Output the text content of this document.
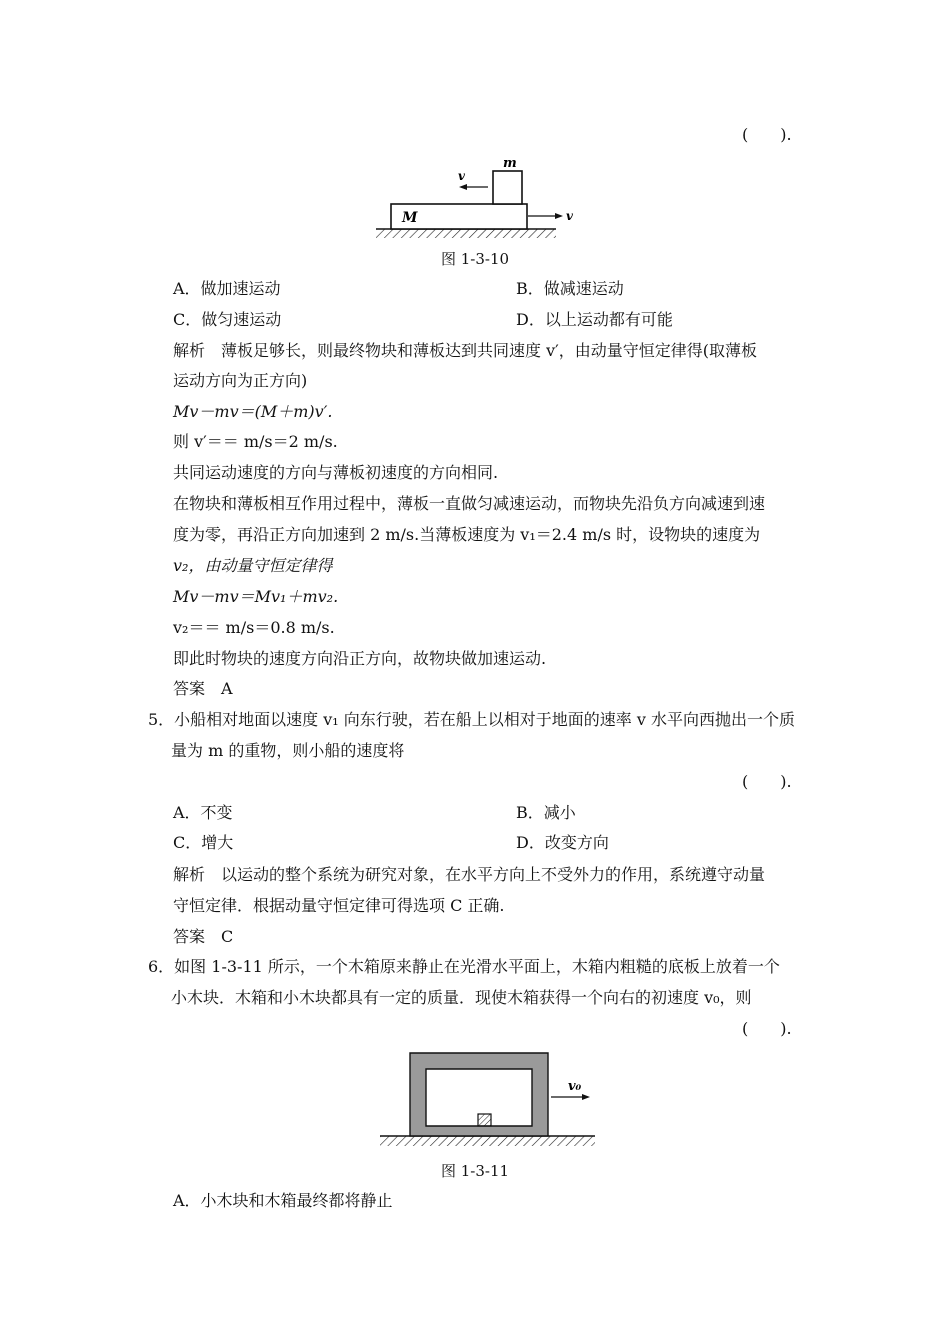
(　　).
m
M
v
v
图 1-3-10
A．做加速运动	B．做减速运动
C．做匀速运动	D．以上运动都有可能
解析　薄板足够长，则最终物块和薄板达到共同速度 v′，由动量守恒定律得(取薄板
运动方向为正方向)
Mv－mv＝(M＋m)v′.
则 v′＝＝ m/s＝2 m/s.
共同运动速度的方向与薄板初速度的方向相同.
在物块和薄板相互作用过程中，薄板一直做匀减速运动，而物块先沿负方向减速到速
度为零，再沿正方向加速到 2 m/s.当薄板速度为 v₁＝2.4 m/s 时，设物块的速度为
v₂，由动量守恒定律得
Mv－mv＝Mv₁＋mv₂.
v₂＝＝ m/s＝0.8 m/s.
即此时物块的速度方向沿正方向，故物块做加速运动.
答案　A
5．小船相对地面以速度 v₁ 向东行驶，若在船上以相对于地面的速率 v 水平向西抛出一个质
量为 m 的重物，则小船的速度将
(　　).
A．不变	B．减小
C．增大	D．改变方向
解析　以运动的整个系统为研究对象，在水平方向上不受外力的作用，系统遵守动量
守恒定律．根据动量守恒定律可得选项 C 正确.
答案　C
6．如图 1-3-11 所示，一个木箱原来静止在光滑水平面上，木箱内粗糙的底板上放着一个
小木块．木箱和小木块都具有一定的质量．现使木箱获得一个向右的初速度 v₀，则
(　　).
v₀
图 1-3-11
A．小木块和木箱最终都将静止
